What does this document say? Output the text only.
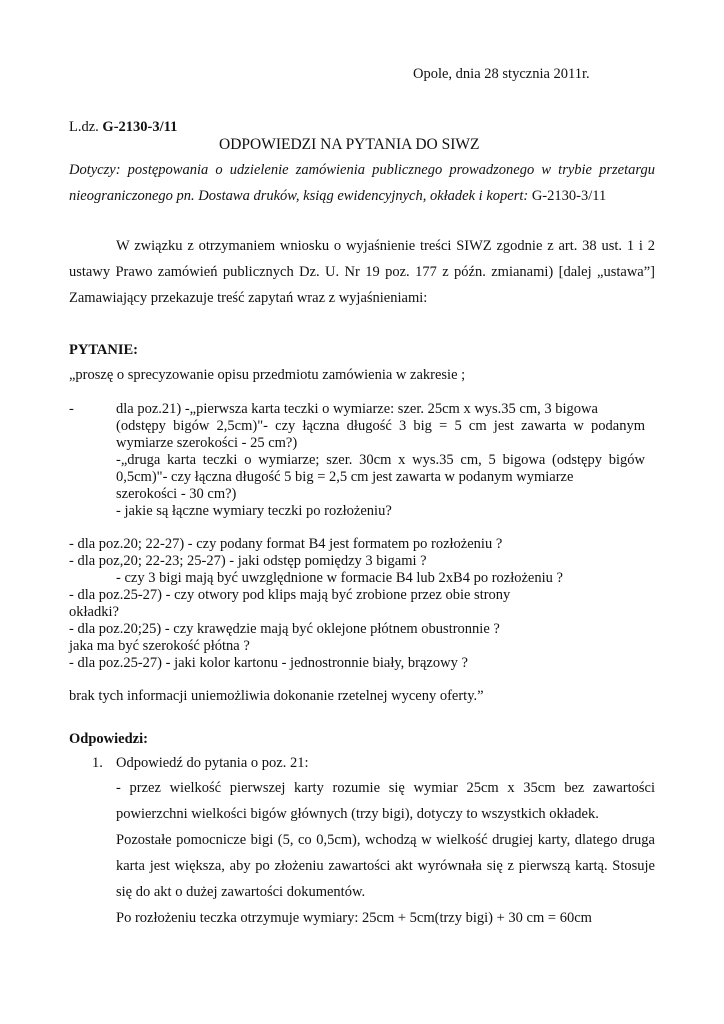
Opole, dnia 28 stycznia 2011r.
L.dz. G-2130-3/11
ODPOWIEDZI NA PYTANIA DO SIWZ
Dotyczy: postępowania o udzielenie zamówienia publicznego prowadzonego w trybie przetargu
nieograniczonego pn. Dostawa druków, ksiąg ewidencyjnych, okładek i kopert: G-2130-3/11
W związku z otrzymaniem wniosku o wyjaśnienie treści SIWZ zgodnie z art. 38 ust. 1 i 2
ustawy Prawo zamówień publicznych Dz. U. Nr 19 poz. 177 z późn. zmianami) [dalej „ustawa”]
Zamawiający przekazuje treść zapytań wraz z wyjaśnieniami:
PYTANIE:
„proszę o sprecyzowanie opisu przedmiotu zamówienia w zakresie ;
-	dla poz.21) -„pierwsza karta teczki o wymiarze: szer. 25cm x wys.35 cm, 3 bigowa
(odstępy bigów 2,5cm)"- czy łączna długość 3 big = 5 cm jest zawarta w podanym
wymiarze szerokości - 25 cm?)
-„druga karta teczki o wymiarze; szer. 30cm x wys.35 cm, 5 bigowa (odstępy bigów
0,5cm)"- czy łączna długość 5 big = 2,5 cm jest zawarta w podanym wymiarze
szerokości - 30 cm?)
- jakie są łączne wymiary teczki po rozłożeniu?
- dla poz.20; 22-27) - czy podany format B4 jest formatem po rozłożeniu ?
- dla poz,20; 22-23; 25-27) - jaki odstęp pomiędzy 3 bigami ?
- czy 3 bigi mają być uwzględnione w formacie B4 lub 2xB4 po rozłożeniu ?
- dla poz.25-27) - czy otwory pod klips mają być zrobione przez obie strony
okładki?
- dla poz.20;25) - czy krawędzie mają być oklejone płótnem obustronnie ?
jaka ma być szerokość płótna ?
- dla poz.25-27) - jaki kolor kartonu - jednostronnie biały, brązowy ?
brak tych informacji uniemożliwia dokonanie rzetelnej wyceny oferty.”
Odpowiedzi:
1. Odpowiedź do pytania o poz. 21:
- przez wielkość pierwszej karty rozumie się wymiar 25cm x 35cm bez zawartości
powierzchni wielkości bigów głównych (trzy bigi), dotyczy to wszystkich okładek.
Pozostałe pomocnicze bigi (5, co 0,5cm), wchodzą w wielkość drugiej karty, dlatego druga
karta jest większa, aby po złożeniu zawartości akt wyrównała się z pierwszą kartą. Stosuje
się do akt o dużej zawartości dokumentów.
Po rozłożeniu teczka otrzymuje wymiary: 25cm + 5cm(trzy bigi) + 30 cm = 60cm
